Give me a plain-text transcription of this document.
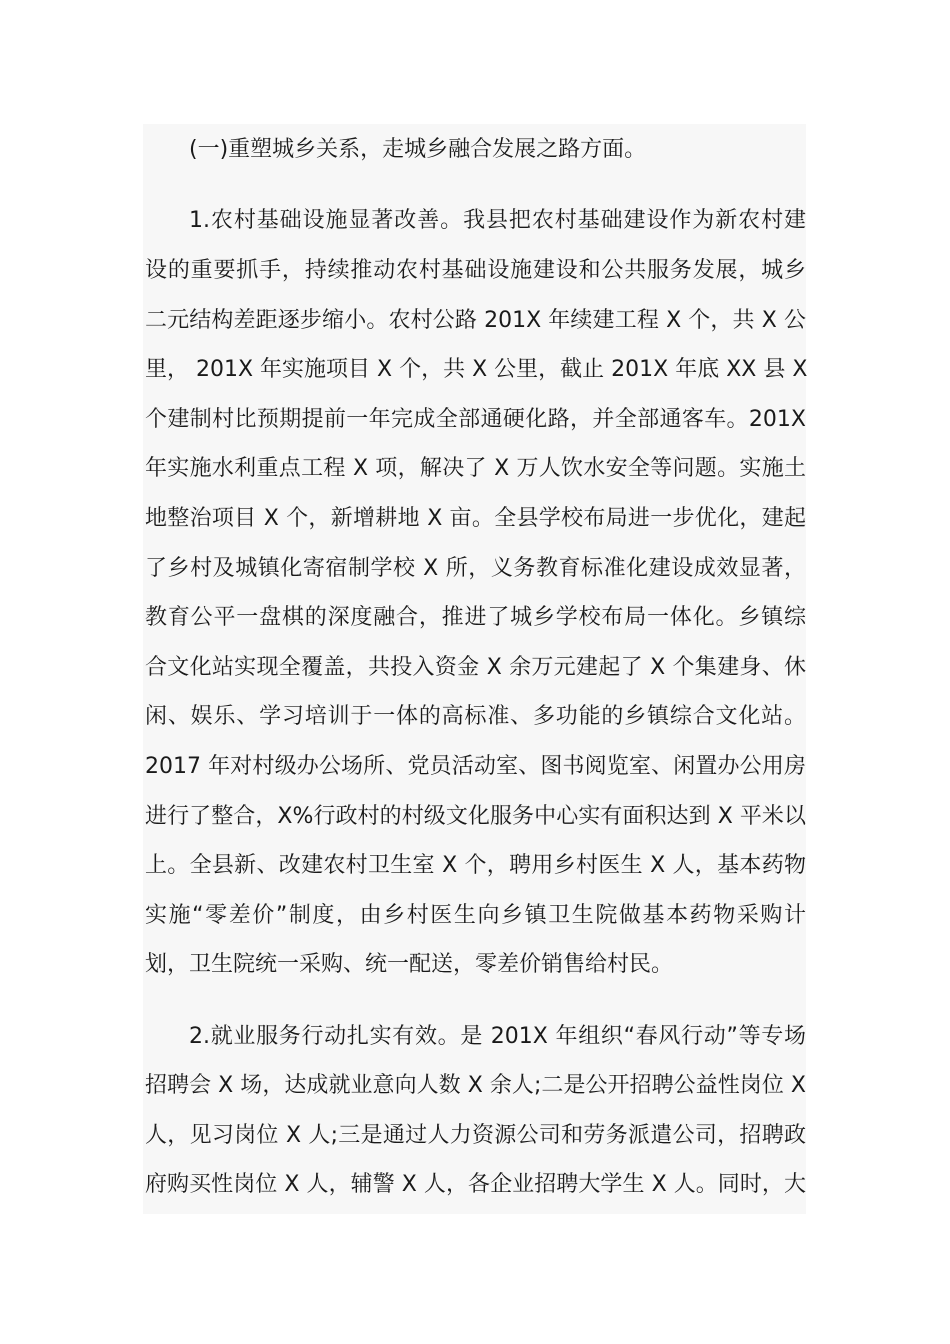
(一)重塑城乡关系，走城乡融合发展之路方面。

1.农村基础设施显著改善。我县把农村基础建设作为新农村建

设的重要抓手，持续推动农村基础设施建设和公共服务发展，城乡

二元结构差距逐步缩小。农村公路 201X 年续建工程 X 个，共 X 公

里， 201X 年实施项目 X 个，共 X 公里，截止 201X 年底 XX 县 X

个建制村比预期提前一年完成全部通硬化路，并全部通客车。201X

年实施水利重点工程 X 项，解决了 X 万人饮水安全等问题。实施土

地整治项目 X 个，新增耕地 X 亩。全县学校布局进一步优化，建起

了乡村及城镇化寄宿制学校 X 所，义务教育标准化建设成效显著，

教育公平一盘棋的深度融合，推进了城乡学校布局一体化。乡镇综

合文化站实现全覆盖，共投入资金 X 余万元建起了 X 个集建身、休

闲、娱乐、学习培训于一体的高标准、多功能的乡镇综合文化站。

2017 年对村级办公场所、党员活动室、图书阅览室、闲置办公用房

进行了整合，X%行政村的村级文化服务中心实有面积达到 X 平米以

上。全县新、改建农村卫生室 X 个，聘用乡村医生 X 人，基本药物

实施“零差价”制度，由乡村医生向乡镇卫生院做基本药物采购计

划，卫生院统一采购、统一配送，零差价销售给村民。

2.就业服务行动扎实有效。是 201X 年组织“春风行动”等专场

招聘会 X 场，达成就业意向人数 X 余人;二是公开招聘公益性岗位 X

人，见习岗位 X 人;三是通过人力资源公司和劳务派遣公司，招聘政

府购买性岗位 X 人，辅警 X 人，各企业招聘大学生 X 人。同时，大
